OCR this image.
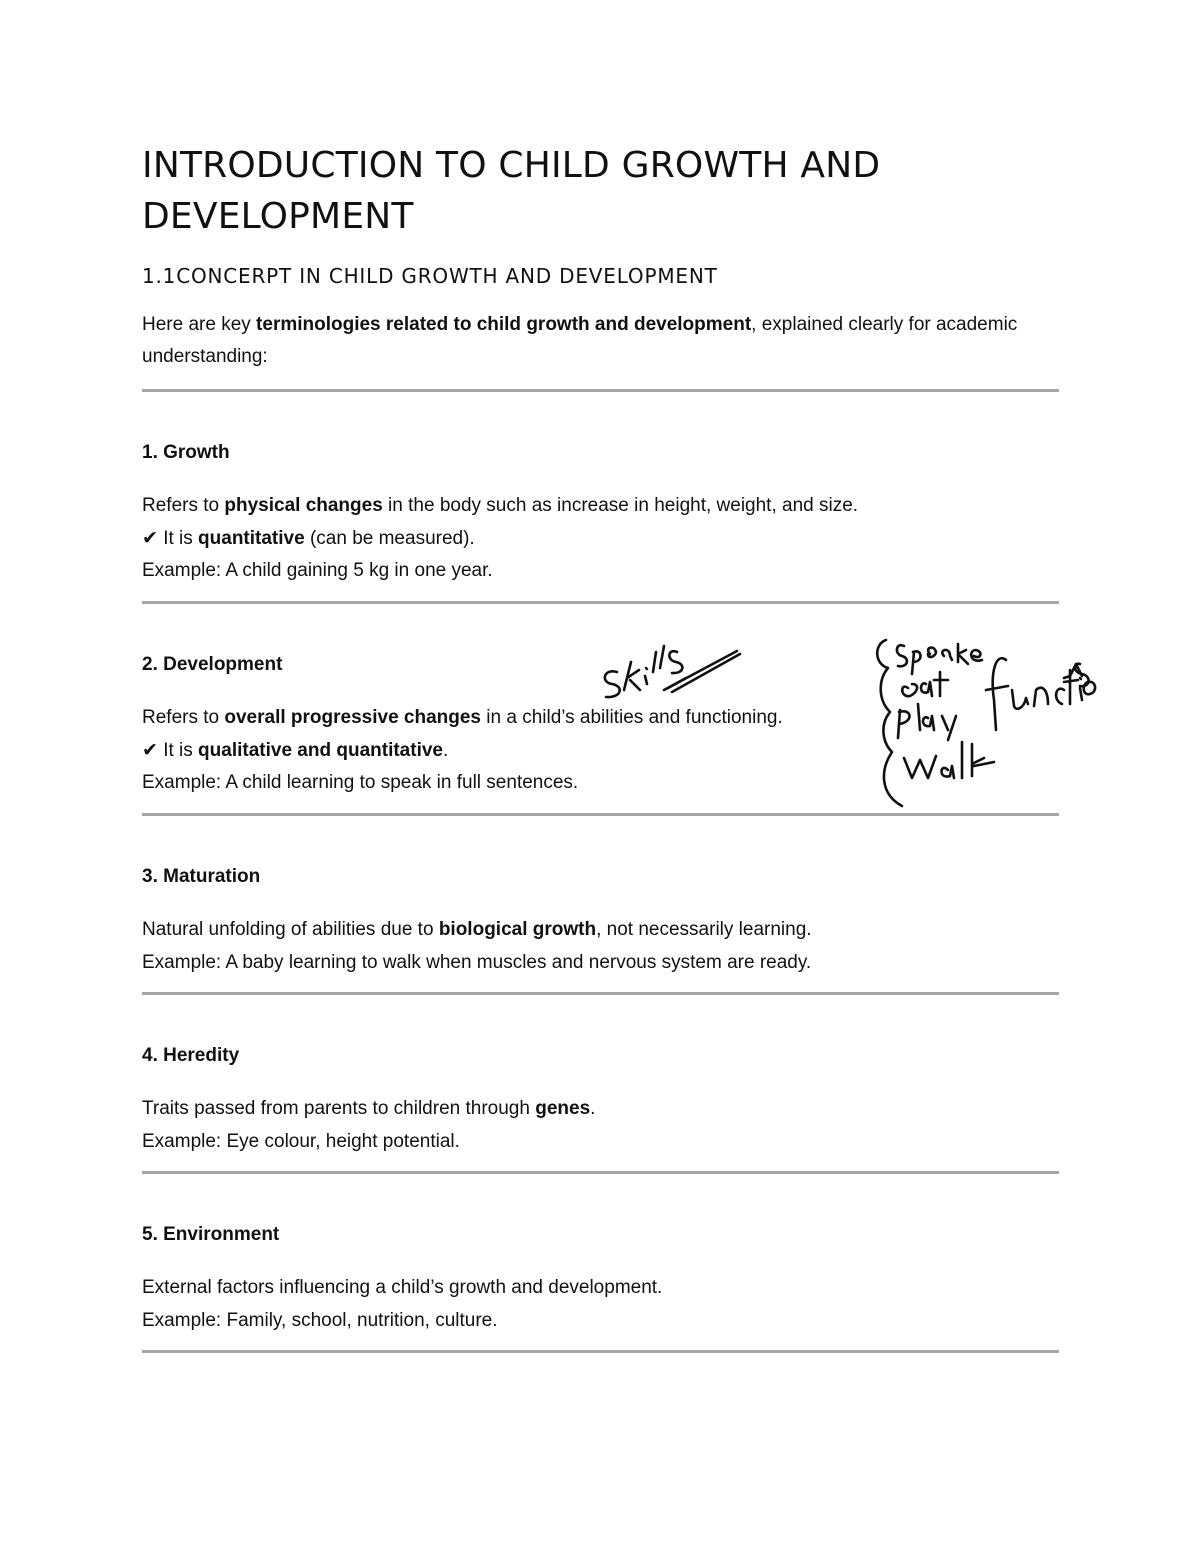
INTRODUCTION TO CHILD GROWTH AND DEVELOPMENT
1.1CONCERPT IN CHILD GROWTH AND DEVELOPMENT

Here are key terminologies related to child growth and development, explained clearly for academic understanding:

1. Growth
Refers to physical changes in the body such as increase in height, weight, and size.
✔ It is quantitative (can be measured).
Example: A child gaining 5 kg in one year.
2. Development
Refers to overall progressive changes in a child’s abilities and functioning.
✔ It is qualitative and quantitative.
Example: A child learning to speak in full sentences.
3. Maturation
Natural unfolding of abilities due to biological growth, not necessarily learning.
Example: A baby learning to walk when muscles and nervous system are ready.
4. Heredity
Traits passed from parents to children through genes.
Example: Eye colour, height potential.
5. Environment
External factors influencing a child’s growth and development.
Example: Family, school, nutrition, culture.
